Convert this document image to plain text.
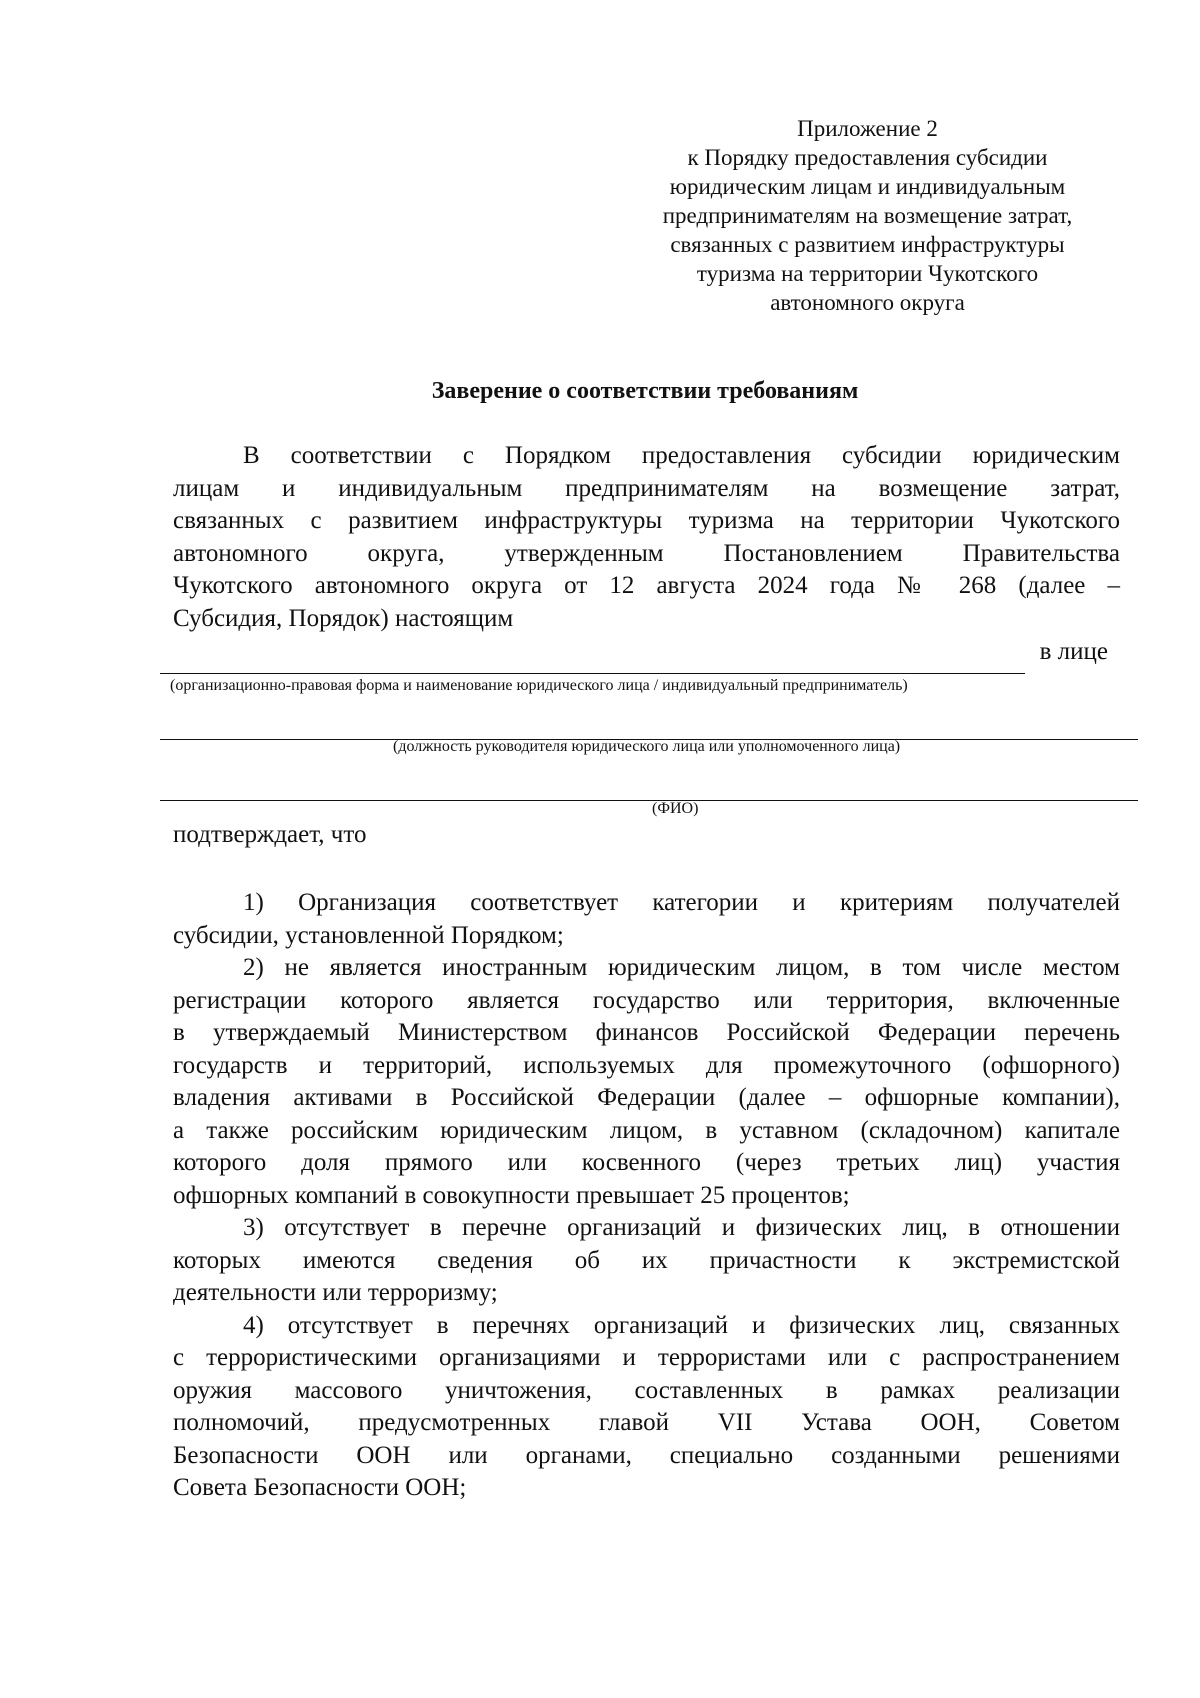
Приложение 2
к Порядку предоставления субсидии
юридическим лицам и индивидуальным
предпринимателям на возмещение затрат,
связанных с развитием инфраструктуры
туризма на территории Чукотского
автономного округа
Заверение о соответствии требованиям
В соответствии с Порядком предоставления субсидии юридическим
лицам и индивидуальным предпринимателям на возмещение затрат,
связанных с развитием инфраструктуры туризма на территории Чукотского
автономного округа, утвержденным Постановлением Правительства
Чукотского автономного округа от 12 августа 2024 года № 268 (далее –
Субсидия, Порядок) настоящим
в лице
(организационно-правовая форма и наименование юридического лица / индивидуальный предприниматель)
(должность руководителя юридического лица или уполномоченного лица)
(ФИО)
подтверждает, что
1) Организация соответствует категории и критериям получателей
субсидии, установленной Порядком;
2) не является иностранным юридическим лицом, в том числе местом
регистрации которого является государство или территория, включенные
в утверждаемый Министерством финансов Российской Федерации перечень
государств и территорий, используемых для промежуточного (офшорного)
владения активами в Российской Федерации (далее – офшорные компании),
а также российским юридическим лицом, в уставном (складочном) капитале
которого доля прямого или косвенного (через третьих лиц) участия
офшорных компаний в совокупности превышает 25 процентов;
3) отсутствует в перечне организаций и физических лиц, в отношении
которых имеются сведения об их причастности к экстремистской
деятельности или терроризму;
4) отсутствует в перечнях организаций и физических лиц, связанных
с террористическими организациями и террористами или с распространением
оружия массового уничтожения, составленных в рамках реализации
полномочий, предусмотренных главой VII Устава ООН, Советом
Безопасности ООН или органами, специально созданными решениями
Совета Безопасности ООН;
